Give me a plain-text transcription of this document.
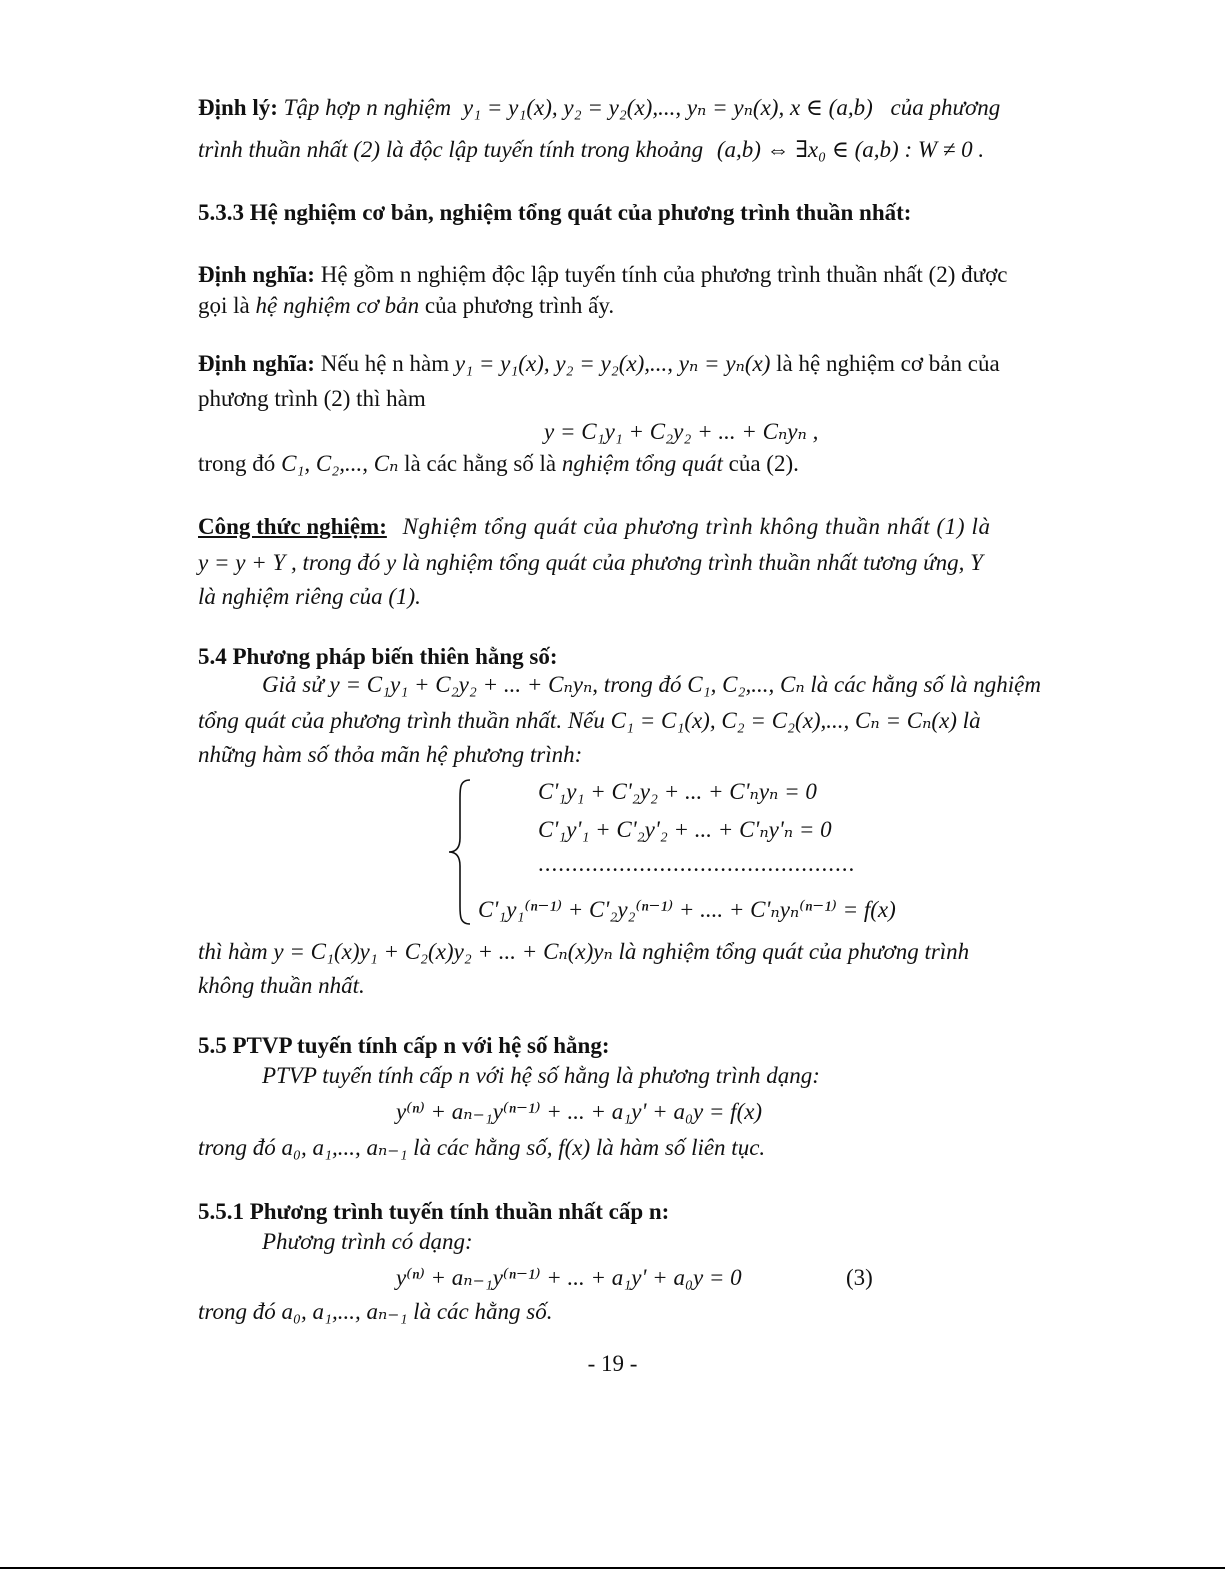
Định lý: Tập hợp n nghiệm y₁ = y₁(x), y₂ = y₂(x),..., yₙ = yₙ(x), x ∈ (a,b) của phương
trình thuần nhất (2) là độc lập tuyến tính trong khoảng (a,b) ⇔ ∃x₀ ∈ (a,b) : W ≠ 0 .
5.3.3 Hệ nghiệm cơ bản, nghiệm tổng quát của phương trình thuần nhất:
Định nghĩa: Hệ gồm n nghiệm độc lập tuyến tính của phương trình thuần nhất (2) được
gọi là hệ nghiệm cơ bản của phương trình ấy.
Định nghĩa: Nếu hệ n hàm y₁ = y₁(x), y₂ = y₂(x),..., yₙ = yₙ(x) là hệ nghiệm cơ bản của
phương trình (2) thì hàm
y = C₁y₁ + C₂y₂ + ... + Cₙyₙ ,
trong đó C₁, C₂,..., Cₙ là các hằng số là nghiệm tổng quát của (2).
Công thức nghiệm: Nghiệm tổng quát của phương trình không thuần nhất (1) là
y = y + Y , trong đó y là nghiệm tổng quát của phương trình thuần nhất tương ứng, Y
là nghiệm riêng của (1).
5.4 Phương pháp biến thiên hằng số:
Giả sử y = C₁y₁ + C₂y₂ + ... + Cₙyₙ, trong đó C₁, C₂,..., Cₙ là các hằng số là nghiệm
tổng quát của phương trình thuần nhất. Nếu C₁ = C₁(x), C₂ = C₂(x),..., Cₙ = Cₙ(x) là
những hàm số thỏa mãn hệ phương trình:
C'₁y₁ + C'₂y₂ + ... + C'ₙyₙ = 0
C'₁y'₁ + C'₂y'₂ + ... + C'ₙy'ₙ = 0
...............................................
C'₁y₁⁽ⁿ⁻¹⁾ + C'₂y₂⁽ⁿ⁻¹⁾ + .... + C'ₙyₙ⁽ⁿ⁻¹⁾ = f(x)
thì hàm y = C₁(x)y₁ + C₂(x)y₂ + ... + Cₙ(x)yₙ là nghiệm tổng quát của phương trình
không thuần nhất.
5.5 PTVP tuyến tính cấp n với hệ số hằng:
PTVP tuyến tính cấp n với hệ số hằng là phương trình dạng:
y⁽ⁿ⁾ + aₙ₋₁y⁽ⁿ⁻¹⁾ + ... + a₁y' + a₀y = f(x)
trong đó a₀, a₁,..., aₙ₋₁ là các hằng số, f(x) là hàm số liên tục.
5.5.1 Phương trình tuyến tính thuần nhất cấp n:
Phương trình có dạng:
y⁽ⁿ⁾ + aₙ₋₁y⁽ⁿ⁻¹⁾ + ... + a₁y' + a₀y = 0	(3)
trong đó a₀, a₁,..., aₙ₋₁ là các hằng số.
- 19 -
